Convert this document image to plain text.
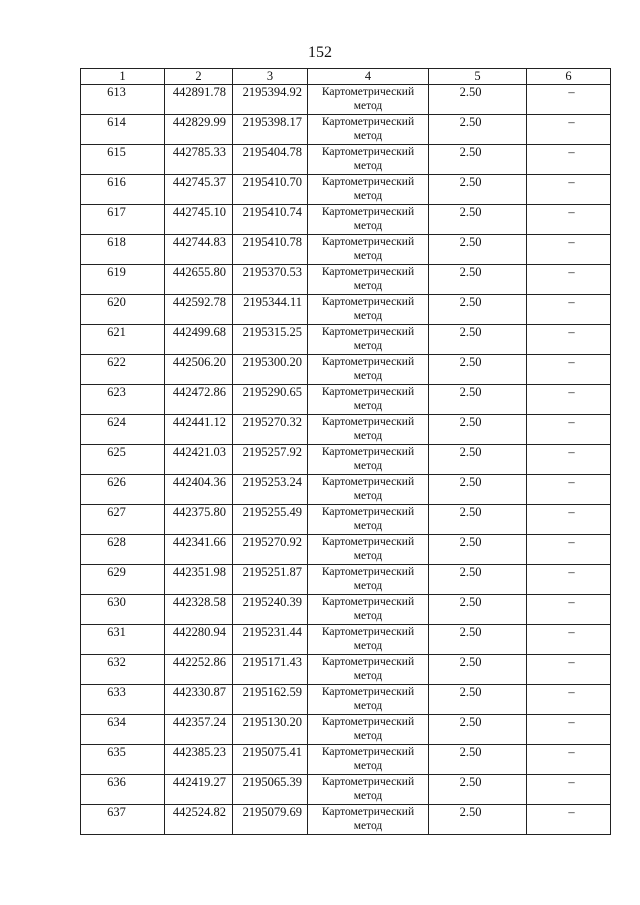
152
1	2	3	4	5	6
613	442891.78	2195394.92	Картометрический метод	2.50	–
614	442829.99	2195398.17	Картометрический метод	2.50	–
615	442785.33	2195404.78	Картометрический метод	2.50	–
616	442745.37	2195410.70	Картометрический метод	2.50	–
617	442745.10	2195410.74	Картометрический метод	2.50	–
618	442744.83	2195410.78	Картометрический метод	2.50	–
619	442655.80	2195370.53	Картометрический метод	2.50	–
620	442592.78	2195344.11	Картометрический метод	2.50	–
621	442499.68	2195315.25	Картометрический метод	2.50	–
622	442506.20	2195300.20	Картометрический метод	2.50	–
623	442472.86	2195290.65	Картометрический метод	2.50	–
624	442441.12	2195270.32	Картометрический метод	2.50	–
625	442421.03	2195257.92	Картометрический метод	2.50	–
626	442404.36	2195253.24	Картометрический метод	2.50	–
627	442375.80	2195255.49	Картометрический метод	2.50	–
628	442341.66	2195270.92	Картометрический метод	2.50	–
629	442351.98	2195251.87	Картометрический метод	2.50	–
630	442328.58	2195240.39	Картометрический метод	2.50	–
631	442280.94	2195231.44	Картометрический метод	2.50	–
632	442252.86	2195171.43	Картометрический метод	2.50	–
633	442330.87	2195162.59	Картометрический метод	2.50	–
634	442357.24	2195130.20	Картометрический метод	2.50	–
635	442385.23	2195075.41	Картометрический метод	2.50	–
636	442419.27	2195065.39	Картометрический метод	2.50	–
637	442524.82	2195079.69	Картометрический метод	2.50	–
